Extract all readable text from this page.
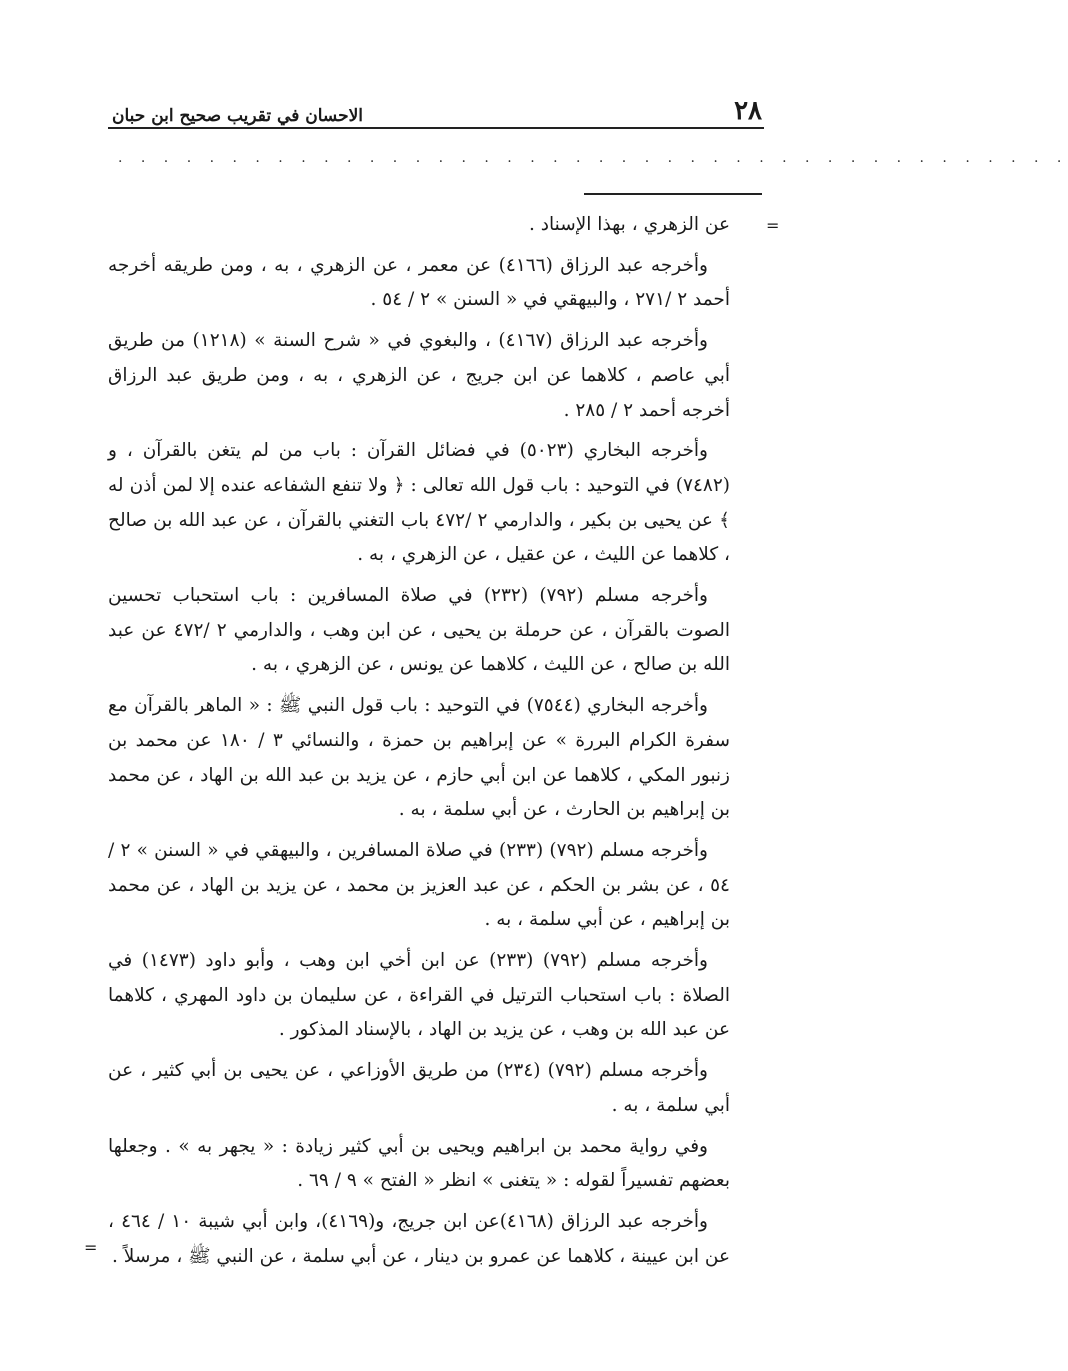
الاحسان في تقريب صحيح ابن حبان	٢٨
. . . . . . . . . . . . . . . . . . . . . . . . . . . . . . . . . . . . . . . . . .
=
=

عن الزهري ، بهذا الإسناد .

وأخرجه عبد الرزاق (٤١٦٦) عن معمر ، عن الزهري ، به ، ومن طريقه أخرجه أحمد ٢ /٢٧١ ، والبيهقي في « السنن » ٢ / ٥٤ .

وأخرجه عبد الرزاق (٤١٦٧) ، والبغوي في « شرح السنة » (١٢١٨) من طريق أبي عاصم ، كلاهما عن ابن جريج ، عن الزهري ، به ، ومن طريق عبد الرزاق أخرجه أحمد ٢ / ٢٨٥ .

وأخرجه البخاري (٥٠٢٣) في فضائل القرآن : باب من لم يتغن بالقرآن ، و (٧٤٨٢) في التوحيد : باب قول الله تعالى : ﴿ ولا تنفع الشفاعه عنده إلا لمن أذن له ﴾ عن يحيى بن بكير ، والدارمي ٢ /٤٧٢ باب التغني بالقرآن ، عن عبد الله بن صالح ، كلاهما عن الليث ، عن عقيل ، عن الزهري ، به .

وأخرجه مسلم (٧٩٢) (٢٣٢) في صلاة المسافرين : باب استحباب تحسين الصوت بالقرآن ، عن حرملة بن يحيى ، عن ابن وهب ، والدارمي ٢ /٤٧٢ عن عبد الله بن صالح ، عن الليث ، كلاهما عن يونس ، عن الزهري ، به .

وأخرجه البخاري (٧٥٤٤) في التوحيد : باب قول النبي ﷺ : « الماهر بالقرآن مع سفرة الكرام البررة » عن إبراهيم بن حمزة ، والنسائي ٣ / ١٨٠ عن محمد بن زنبور المكي ، كلاهما عن ابن أبي حازم ، عن يزيد بن عبد الله بن الهاد ، عن محمد بن إبراهيم بن الحارث ، عن أبي سلمة ، به .

وأخرجه مسلم (٧٩٢) (٢٣٣) في صلاة المسافرين ، والبيهقي في « السنن » ٢ / ٥٤ ، عن بشر بن الحكم ، عن عبد العزيز بن محمد ، عن يزيد بن الهاد ، عن محمد بن إبراهيم ، عن أبي سلمة ، به .

وأخرجه مسلم (٧٩٢) (٢٣٣) عن ابن أخي ابن وهب ، وأبو داود (١٤٧٣) في الصلاة : باب استحباب الترتيل في القراءة ، عن سليمان بن داود المهري ، كلاهما عن عبد الله بن وهب ، عن يزيد بن الهاد ، بالإسناد المذكور .

وأخرجه مسلم (٧٩٢) (٢٣٤) من طريق الأوزاعي ، عن يحيى بن أبي كثير ، عن أبي سلمة ، به .

وفي رواية محمد بن ابراهيم ويحيى بن أبي كثير زيادة : « يجهر به » . وجعلها بعضهم تفسيراً لقوله : « يتغنى » انظر « الفتح » ٩ / ٦٩ .

وأخرجه عبد الرزاق (٤١٦٨)عن ابن جريج، و(٤١٦٩)، وابن أبي شيبة ١٠ / ٤٦٤ ، عن ابن عيينة ، كلاهما عن عمرو بن دينار ، عن أبي سلمة ، عن النبي ﷺ ، مرسلاً .
